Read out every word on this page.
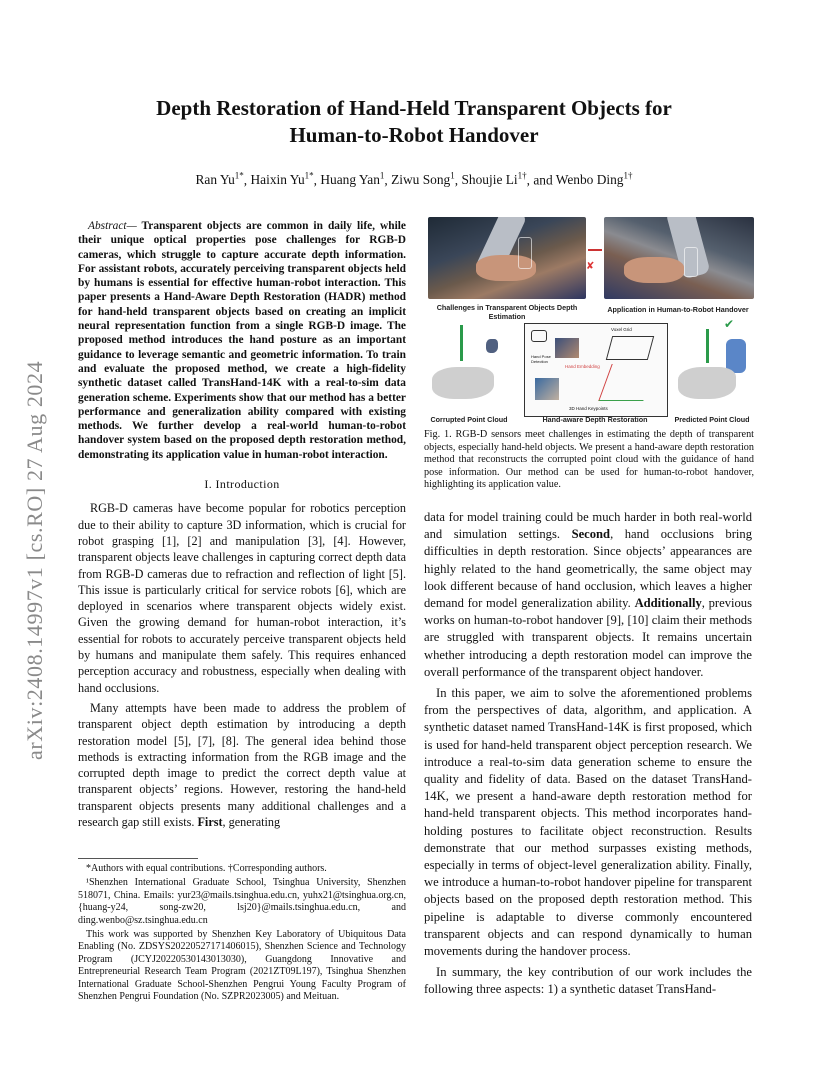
arXiv:2408.14997v1 [cs.RO] 27 Aug 2024
Depth Restoration of Hand-Held Transparent Objects for
Human-to-Robot Handover
Ran $Yu^{1*}$, Haixin $Yu^{1*}$, Huang Yan$^1$, Ziwu Song$^1$, Shoujie $Li^{1\dagger}$, and Wenbo Ding$^{1\dagger}$

Abstract— Transparent objects are common in daily life, while their unique optical properties pose challenges for RGB-D cameras, which struggle to capture accurate depth information. For assistant robots, accurately perceiving transparent objects held by humans is essential for effective human-robot interaction. This paper presents a Hand-Aware Depth Restoration (HADR) method for hand-held transparent objects based on creating an implicit neural representation function from a single RGB-D image. The proposed method introduces the hand posture as an important guidance to leverage semantic and geometric information. To train and evaluate the proposed method, we create a high-fidelity synthetic dataset called TransHand-14K with a real-to-sim data generation scheme. Experiments show that our method has a better performance and generalization ability compared with existing methods. We further develop a real-world human-to-robot handover system based on the proposed depth restoration method, demonstrating its application value in human-robot interaction.

I. Introduction

RGB-D cameras have become popular for robotics perception due to their ability to capture 3D information, which is crucial for robot grasping [1], [2] and manipulation [3], [4]. However, transparent objects leave challenges in capturing correct depth data from RGB-D cameras due to refraction and reflection of light [5]. This issue is particularly critical for service robots [6], which are deployed in scenarios where transparent objects widely exist. Given the growing demand for human-robot interaction, it’s essential for robots to accurately perceive transparent objects held by humans and manipulate them safely. This requires enhanced perception accuracy and robustness, especially when dealing with hand occlusions.

Many attempts have been made to address the problem of transparent object depth estimation by introducing a depth restoration model [5], [7], [8]. The general idea behind those methods is extracting information from the RGB image and the corrupted depth image to predict the correct depth value at transparent objects’ regions. However, restoring the hand-held transparent objects presents many additional challenges and a research gap still exists. First, generating

*Authors with equal contributions. †Corresponding authors.

¹Shenzhen International Graduate School, Tsinghua University, Shenzhen 518071, China. Emails: yur23@mails.tsinghua.edu.cn, yuhx21@tsinghua.org.cn, {huang-y24, song-zw20, lsj20}@mails.tsinghua.edu.cn, and ding.wenbo@sz.tsinghua.edu.cn

This work was supported by Shenzhen Key Laboratory of Ubiquitous Data Enabling (No. ZDSYS20220527171406015), Shenzhen Science and Technology Program (JCYJ20220530143013030), Guangdong Innovative and Entrepreneurial Research Team Program (2021ZT09L197), Tsinghua Shenzhen International Graduate School-Shenzhen Pengrui Young Faculty Program of Shenzhen Pengrui Foundation (No. SZPR2023005) and Meituan.

✘
Challenges in Transparent Objects Depth Estimation
Application in Human-to-Robot Handover
Voxel Grid
Hand Pose Detection
Hand Embedding
3D Hand Keypoints
✔
Corrupted Point Cloud	Hand-aware Depth Restoration	Predicted Point Cloud

Fig. 1. RGB-D sensors meet challenges in estimating the depth of transparent objects, especially hand-held objects. We present a hand-aware depth restoration method that reconstructs the corrupted point cloud with the guidance of hand pose information. Our method can be used for human-to-robot handover, highlighting its application value.

data for model training could be much harder in both real-world and simulation settings. Second, hand occlusions bring difficulties in depth restoration. Since objects’ appearances are highly related to the hand geometrically, the same object may look different because of hand occlusion, which leaves a higher demand for model generalization ability. Additionally, previous works on human-to-robot handover [9], [10] claim their methods are struggled with transparent objects. It remains uncertain whether introducing a depth restoration model can improve the overall performance of the transparent object handover.

In this paper, we aim to solve the aforementioned problems from the perspectives of data, algorithm, and application. A synthetic dataset named TransHand-14K is first proposed, which is used for hand-held transparent object perception research. We introduce a real-to-sim data generation scheme to ensure the quality and fidelity of data. Based on the dataset TransHand-14K, we present a hand-aware depth restoration method for hand-held transparent objects. This method incorporates hand-holding postures to facilitate object reconstruction. Results demonstrate that our method surpasses existing methods, especially in terms of object-level generalization ability. Finally, we introduce a human-to-robot handover pipeline for transparent objects based on the proposed depth restoration method. This pipeline is adaptable to diverse commonly encountered transparent objects and can respond dynamically to human movements during the handover process.

In summary, the key contribution of our work includes the following three aspects: 1) a synthetic dataset TransHand-
